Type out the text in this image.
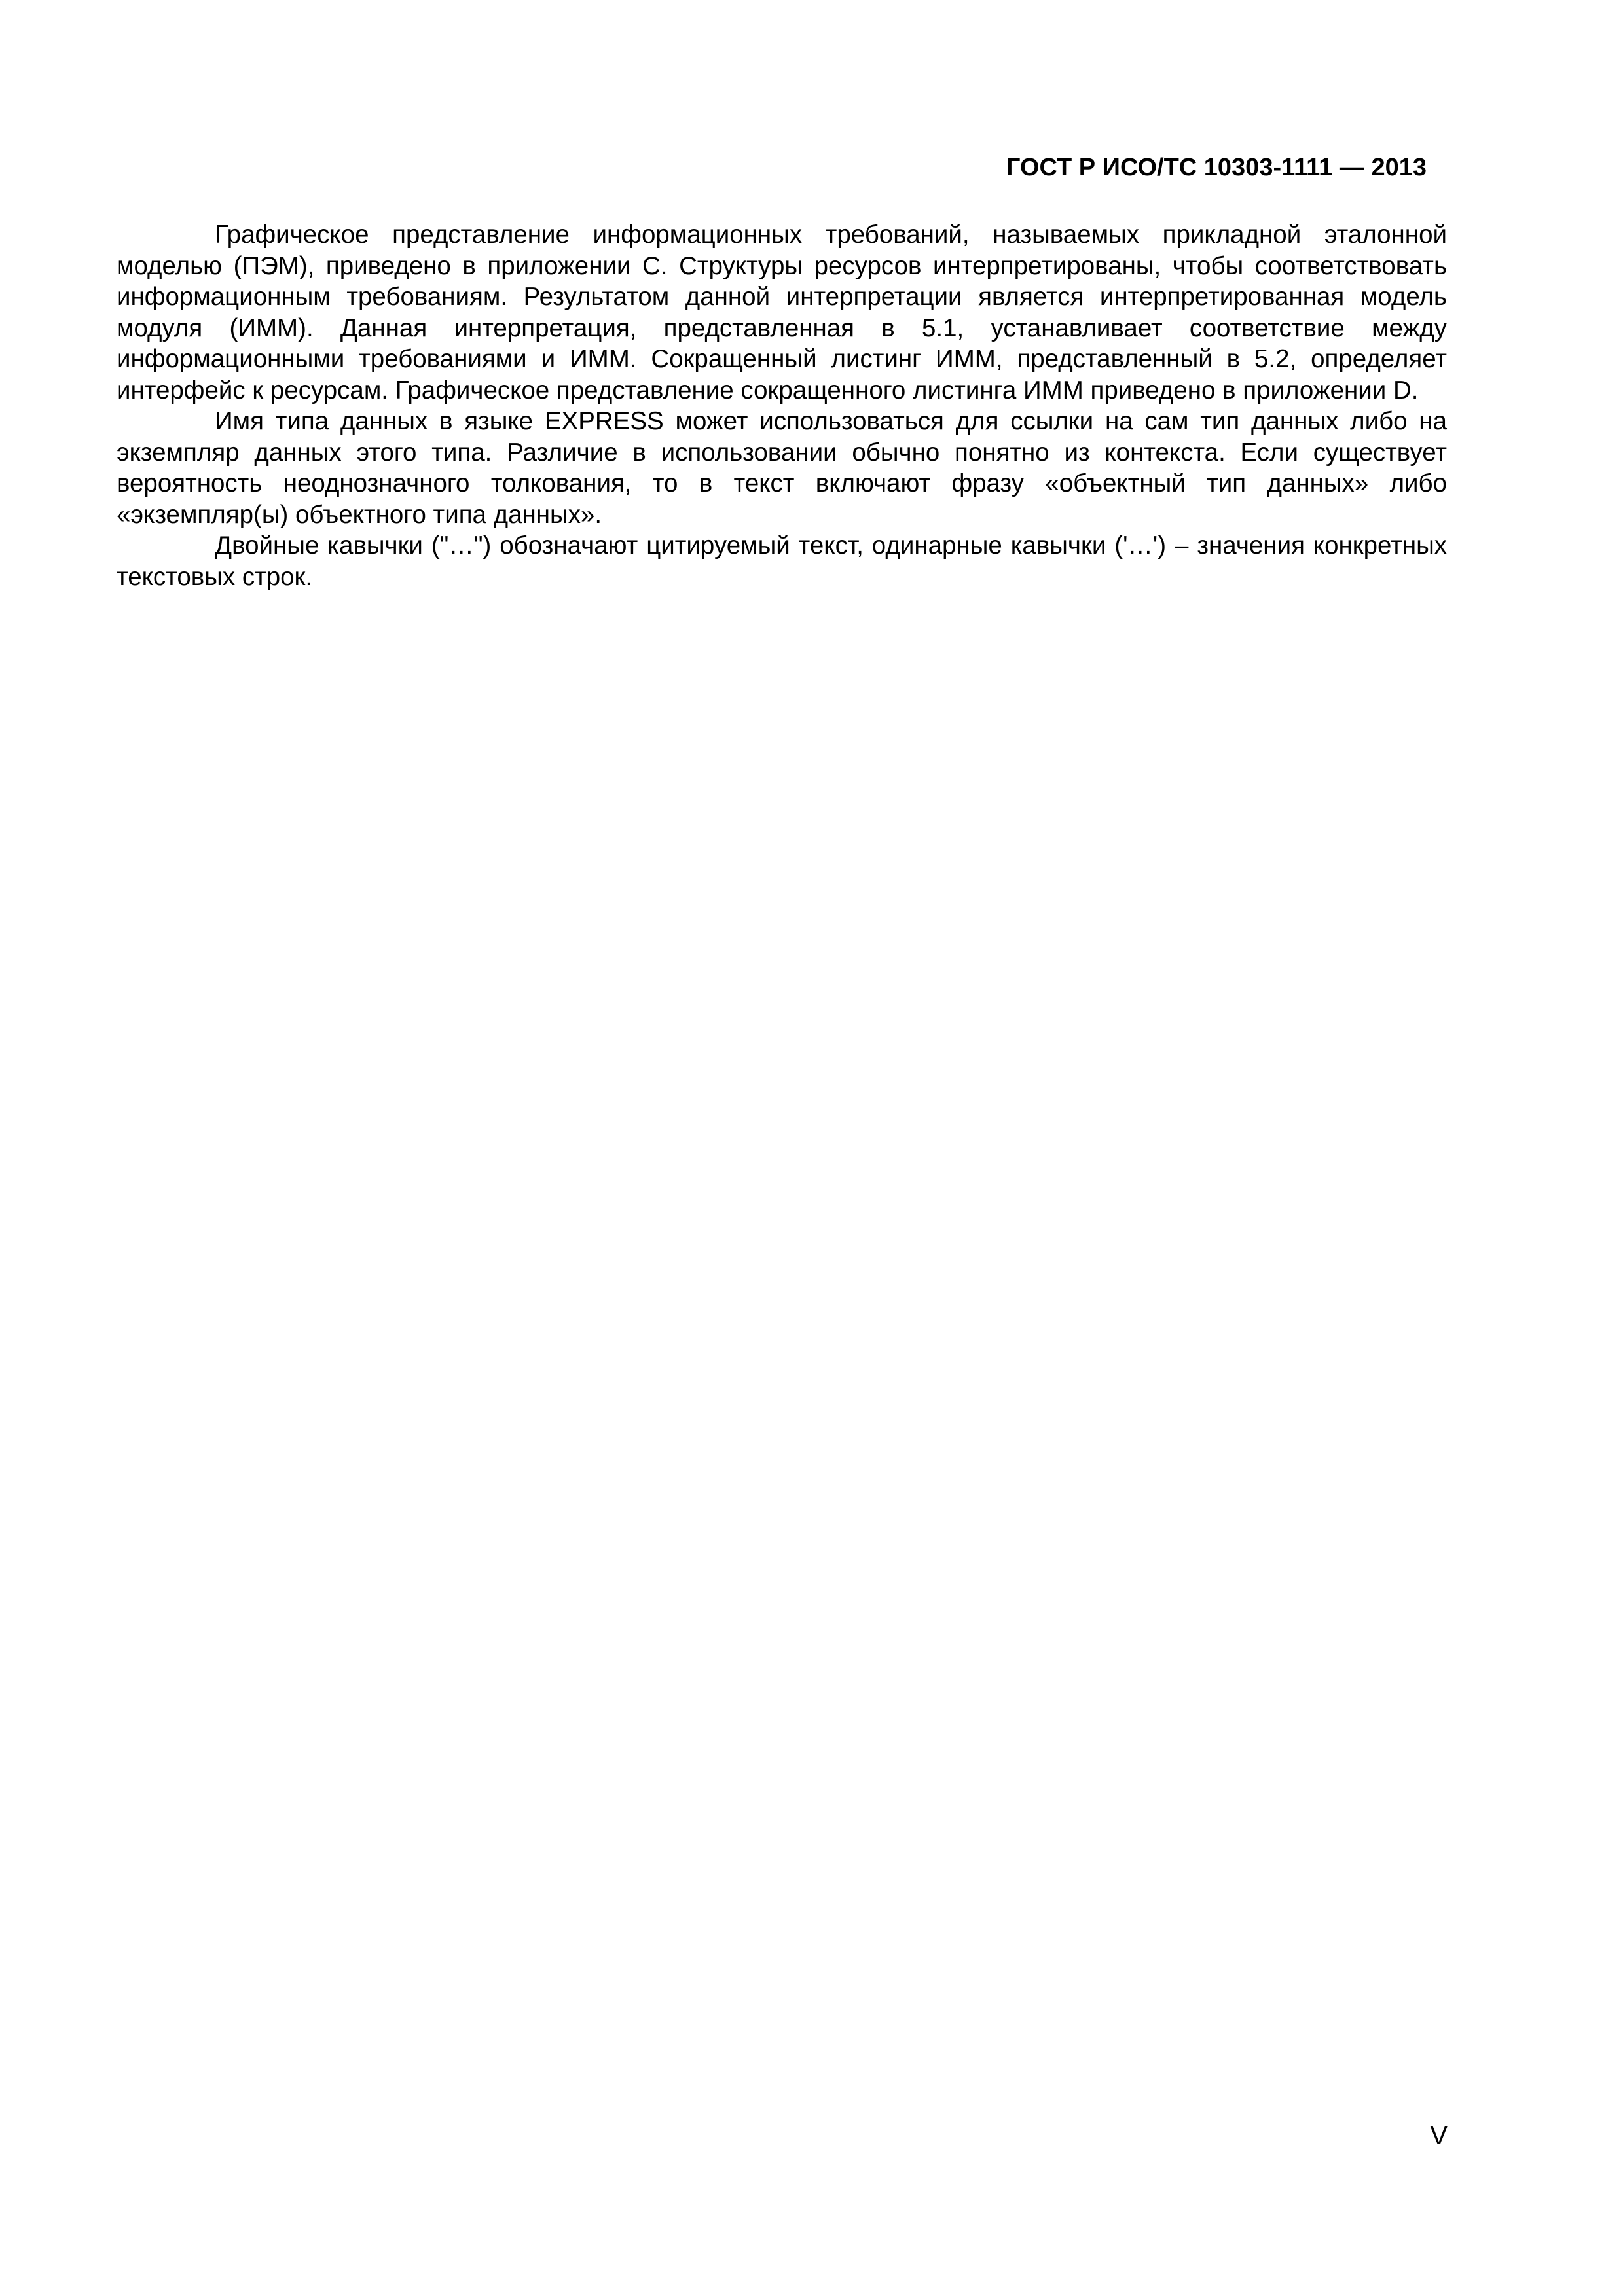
ГОСТ Р ИСО/ТС 10303-1111 — 2013

Графическое представление информационных требований, называемых прикладной эталонной моделью (ПЭМ), приведено в приложении C. Структуры ресурсов интерпретированы, чтобы соответствовать информационным требованиям. Результатом данной интерпретации является интерпретированная модель модуля (ИММ). Данная интерпретация, представленная в 5.1, устанавливает соответствие между информационными требованиями и ИММ. Сокращенный листинг ИММ, представленный в 5.2, определяет интерфейс к ресурсам. Графическое представление сокращенного листинга ИММ приведено в приложении D.

Имя типа данных в языке EXPRESS может использоваться для ссылки на сам тип данных либо на экземпляр данных этого типа. Различие в использовании обычно понятно из контекста. Если существует вероятность неоднозначного толкования, то в текст включают фразу «объектный тип данных» либо «экземпляр(ы) объектного типа данных».

Двойные кавычки ("…") обозначают цитируемый текст, одинарные кавычки ('…') – значения конкретных текстовых строк.

V
